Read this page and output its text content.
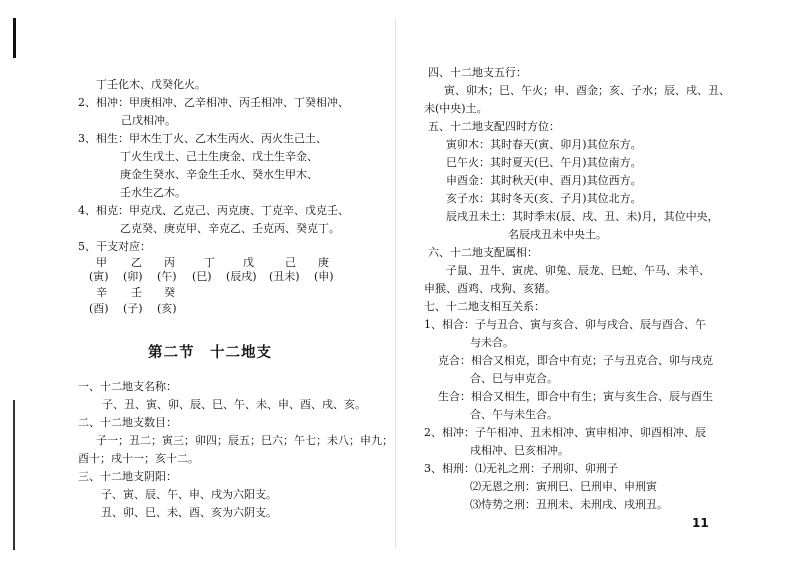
丁壬化木、戊癸化火。
2、相冲：甲庚相冲、乙辛相冲、丙壬相冲、丁癸相冲、
己戊相冲。
3、相生：甲木生丁火、乙木生丙火、丙火生己土、
丁火生戊土、己土生庚金、戊土生辛金、
庚金生癸水、辛金生壬水、癸水生甲木、
壬水生乙木。
4、相克：甲克戊、乙克己、丙克庚、丁克辛、戊克壬、
乙克癸、庚克甲、辛克乙、壬克丙、癸克丁。
5、干支对应：
甲 乙 丙	丁	戊	己 庚
(寅) (卯) (午) (巳) (辰戌) (丑未) (申)
辛 壬 癸
(酉) (子) (亥)
第二节　十二地支
一、十二地支名称：
子、丑、寅、卯、辰、巳、午、未、申、酉、戌、亥。
二、十二地支数目：
子一；丑二；寅三；卯四；辰五；巳六；午七；未八；申九；
酉十；戌十一；亥十二。
三、十二地支阴阳：
子、寅、辰、午、申、戌为六阳支。
丑、卯、巳、未、酉、亥为六阴支。
四、十二地支五行：
寅、卯木；巳、午火；申、酉金；亥、子水；辰、戌、丑、
未(中央)土。
五、十二地支配四时方位：
寅卯木：其时春天(寅、卯月)其位东方。
巳午火：其时夏天(巳、午月)其位南方。
申酉金：其时秋天(申、酉月)其位西方。
亥子水：其时冬天(亥、子月)其位北方。
辰戌丑未土：其时季末(辰、戌、丑、未)月，其位中央，
名辰戌丑未中央土。
六、十二地支配属相：
子鼠、丑牛、寅虎、卯兔、辰龙、巳蛇、午马、未羊、
申猴、酉鸡、戌狗、亥猪。
七、十二地支相互关系：
1、相合：子与丑合、寅与亥合、卯与戌合、辰与酉合、午
与未合。
克合：相合又相克，即合中有克；子与丑克合、卯与戌克
合、巳与申克合。
生合：相合又相生，即合中有生；寅与亥生合、辰与酉生
合、午与未生合。
2、相冲：子午相冲、丑未相冲、寅申相冲、卯酉相冲、辰
戌相冲、巳亥相冲。
3、相刑：⑴无礼之刑：子刑卯、卯刑子
⑵无恩之刑：寅刑巳、巳刑申、申刑寅
⑶恃势之刑：丑刑未、未刑戌、戌刑丑。
11
